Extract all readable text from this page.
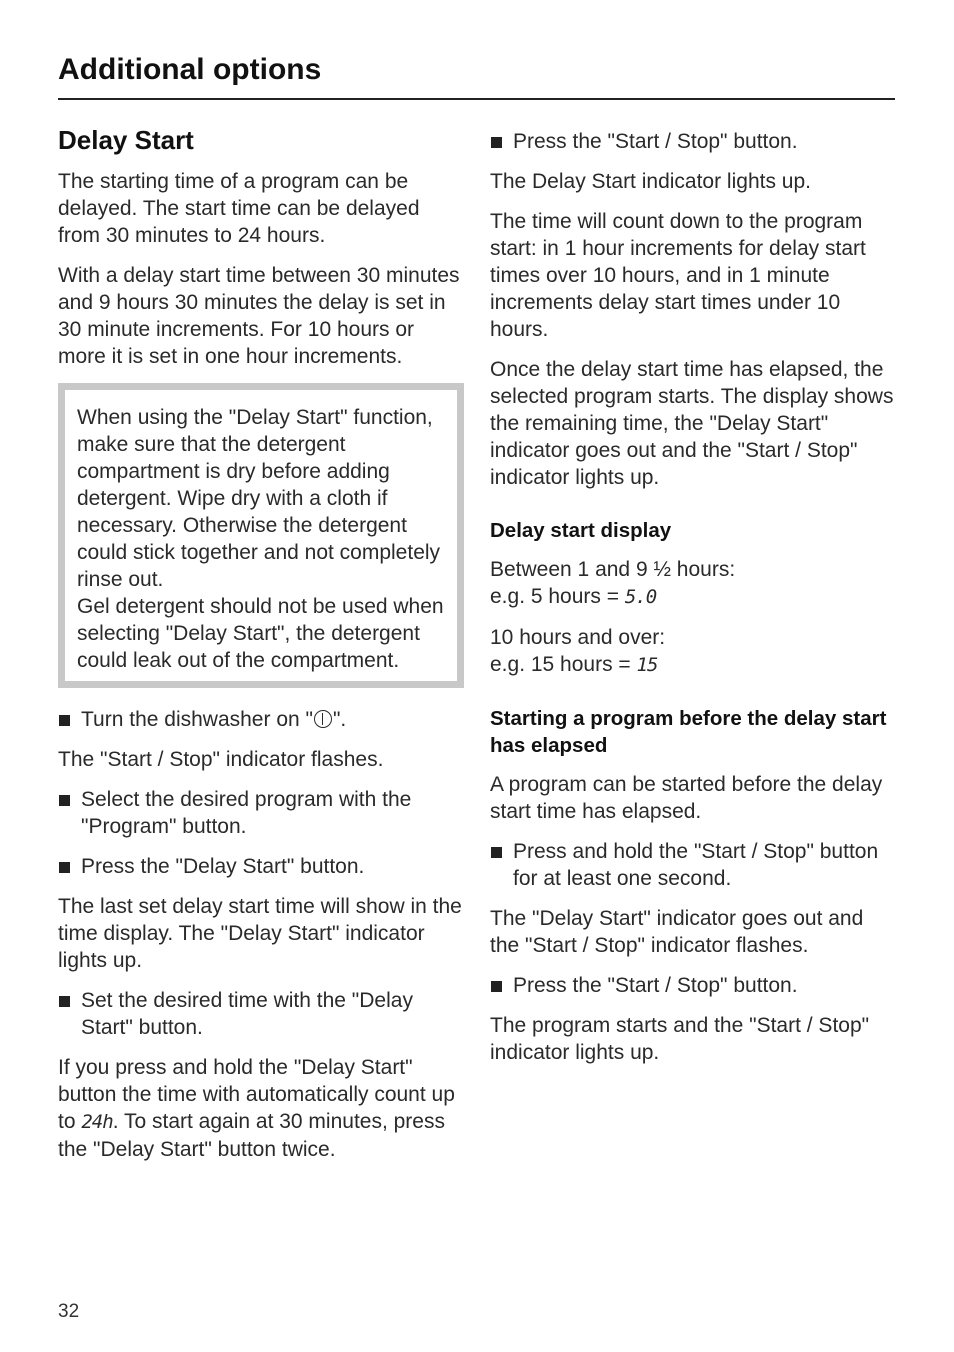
Additional options
Delay Start

The starting time of a program can be delayed. The start time can be delayed from 30 minutes to 24 hours.

With a delay start time between 30 minutes and 9 hours 30 minutes the delay is set in 30 minute increments. For 10 hours or more it is set in one hour increments.

When using the "Delay Start" function, make sure that the detergent compartment is dry before adding detergent. Wipe dry with a cloth if necessary. Otherwise the detergent could stick together and not completely rinse out.

Gel detergent should not be used when selecting "Delay Start", the detergent could leak out of the compartment.

Turn the dishwasher on " ".

The "Start / Stop" indicator flashes.

Select the desired program with the "Program" button.
Press the "Delay Start" button.

The last set delay start time will show in the time display. The "Delay Start" indicator lights up.

Set the desired time with the "Delay Start" button.

If you press and hold the "Delay Start" button the time with automatically count up to 24h. To start again at 30 minutes, press the "Delay Start" button twice.

Press the "Start / Stop" button.

The Delay Start indicator lights up.

The time will count down to the program start: in 1 hour increments for delay start times over 10 hours, and in 1 minute increments delay start times under 10 hours.

Once the delay start time has elapsed, the selected program starts. The display shows the remaining time, the "Delay Start" indicator goes out and the "Start / Stop" indicator lights up.

Delay start display

Between 1 and 9 ½ hours:
e.g. 5 hours = 5.0

10 hours and over:
e.g. 15 hours = 15

Starting a program before the delay start has elapsed

A program can be started before the delay start time has elapsed.

Press and hold the "Start / Stop" button for at least one second.

The "Delay Start" indicator goes out and the "Start / Stop" indicator flashes.

Press the "Start / Stop" button.

The program starts and the "Start / Stop" indicator lights up.

32
